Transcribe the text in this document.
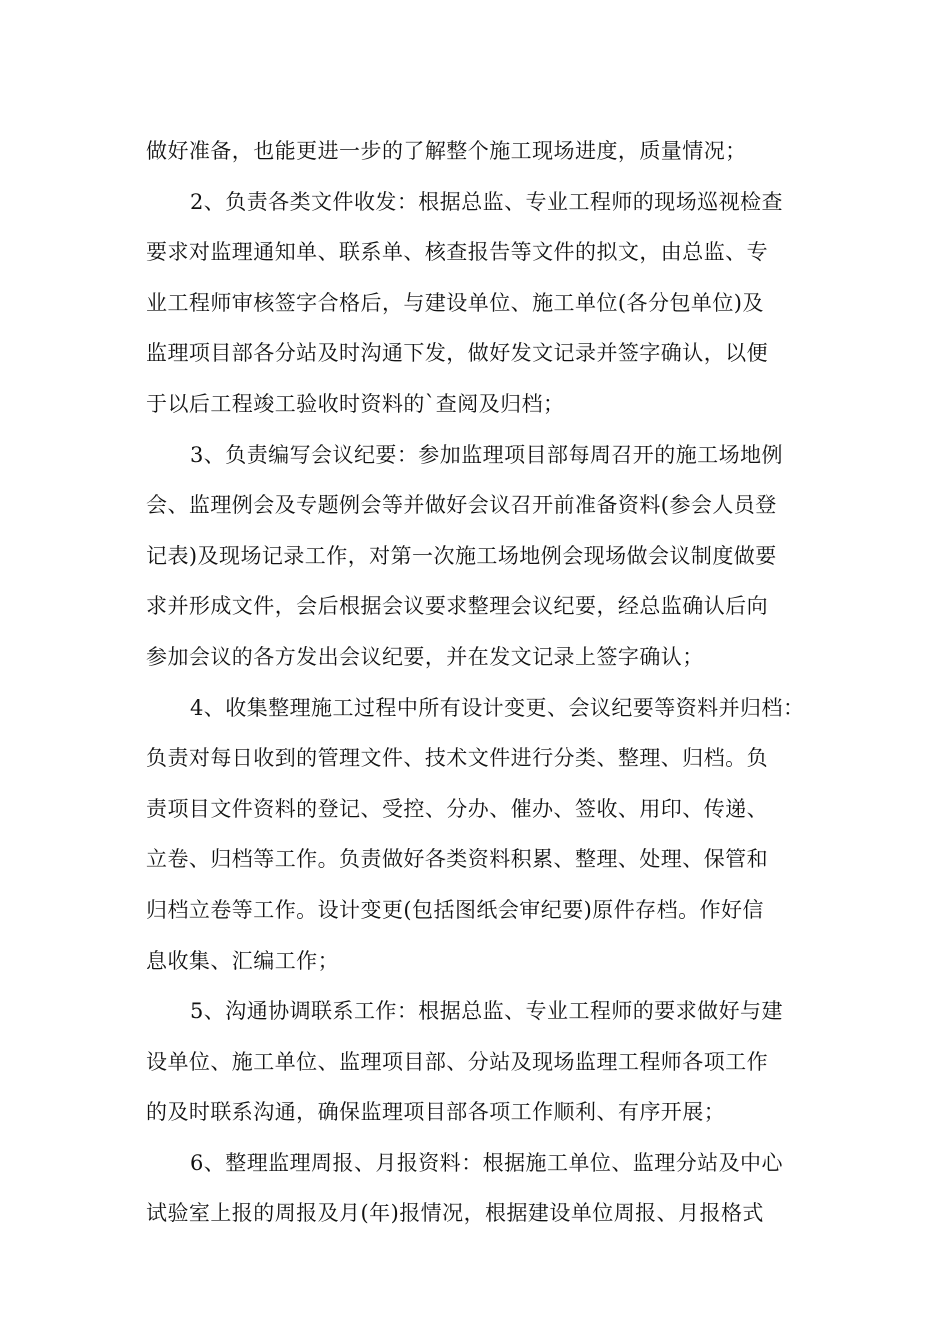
做好准备，也能更进一步的了解整个施工现场进度，质量情况；
2、负责各类文件收发：根据总监、专业工程师的现场巡视检查
要求对监理通知单、联系单、核查报告等文件的拟文，由总监、专
业工程师审核签字合格后，与建设单位、施工单位(各分包单位)及
监理项目部各分站及时沟通下发，做好发文记录并签字确认，以便
于以后工程竣工验收时资料的`查阅及归档；
3、负责编写会议纪要：参加监理项目部每周召开的施工场地例
会、监理例会及专题例会等并做好会议召开前准备资料(参会人员登
记表)及现场记录工作，对第一次施工场地例会现场做会议制度做要
求并形成文件，会后根据会议要求整理会议纪要，经总监确认后向
参加会议的各方发出会议纪要，并在发文记录上签字确认；
4、收集整理施工过程中所有设计变更、会议纪要等资料并归档：
负责对每日收到的管理文件、技术文件进行分类、整理、归档。负
责项目文件资料的登记、受控、分办、催办、签收、用印、传递、
立卷、归档等工作。负责做好各类资料积累、整理、处理、保管和
归档立卷等工作。设计变更(包括图纸会审纪要)原件存档。作好信
息收集、汇编工作；
5、沟通协调联系工作：根据总监、专业工程师的要求做好与建
设单位、施工单位、监理项目部、分站及现场监理工程师各项工作
的及时联系沟通，确保监理项目部各项工作顺利、有序开展；
6、整理监理周报、月报资料：根据施工单位、监理分站及中心
试验室上报的周报及月(年)报情况，根据建设单位周报、月报格式
